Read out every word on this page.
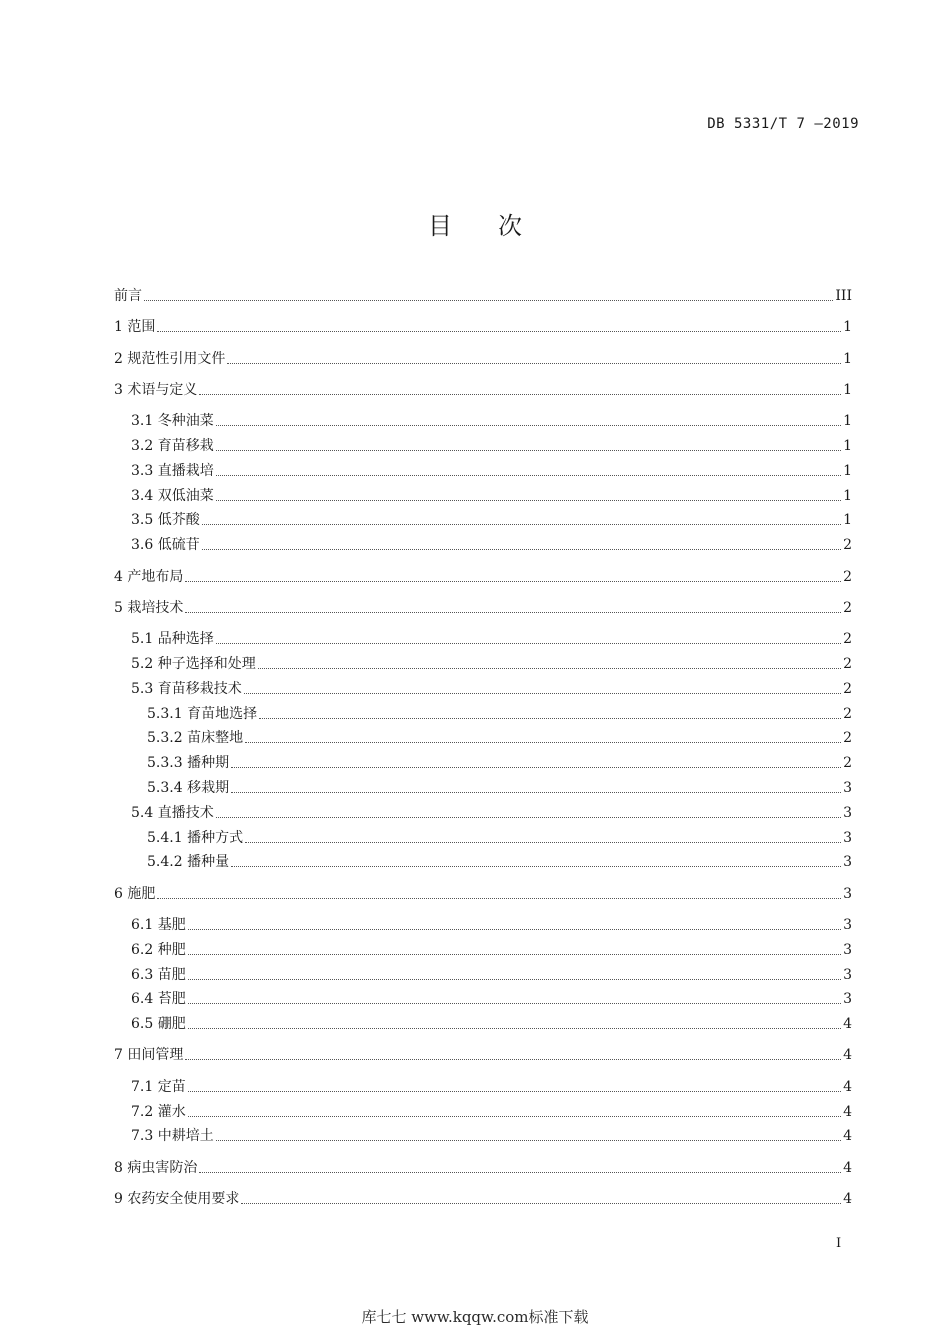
DB 5331/T 7 —2019
目次
前言	III
1 范围	1
2 规范性引用文件	1
3 术语与定义	1
3.1 冬种油菜	1
3.2 育苗移栽	1
3.3 直播栽培	1
3.4 双低油菜	1
3.5 低芥酸	1
3.6 低硫苷	2
4 产地布局	2
5 栽培技术	2
5.1 品种选择	2
5.2 种子选择和处理	2
5.3 育苗移栽技术	2
5.3.1 育苗地选择	2
5.3.2 苗床整地	2
5.3.3 播种期	2
5.3.4 移栽期	3
5.4 直播技术	3
5.4.1 播种方式	3
5.4.2 播种量	3
6 施肥	3
6.1 基肥	3
6.2 种肥	3
6.3 苗肥	3
6.4 苔肥	3
6.5 硼肥	4
7 田间管理	4
7.1 定苗	4
7.2 灌水	4
7.3 中耕培土	4
8 病虫害防治	4
9 农药安全使用要求	4
I
库七七 www.kqqw.com标准下载
